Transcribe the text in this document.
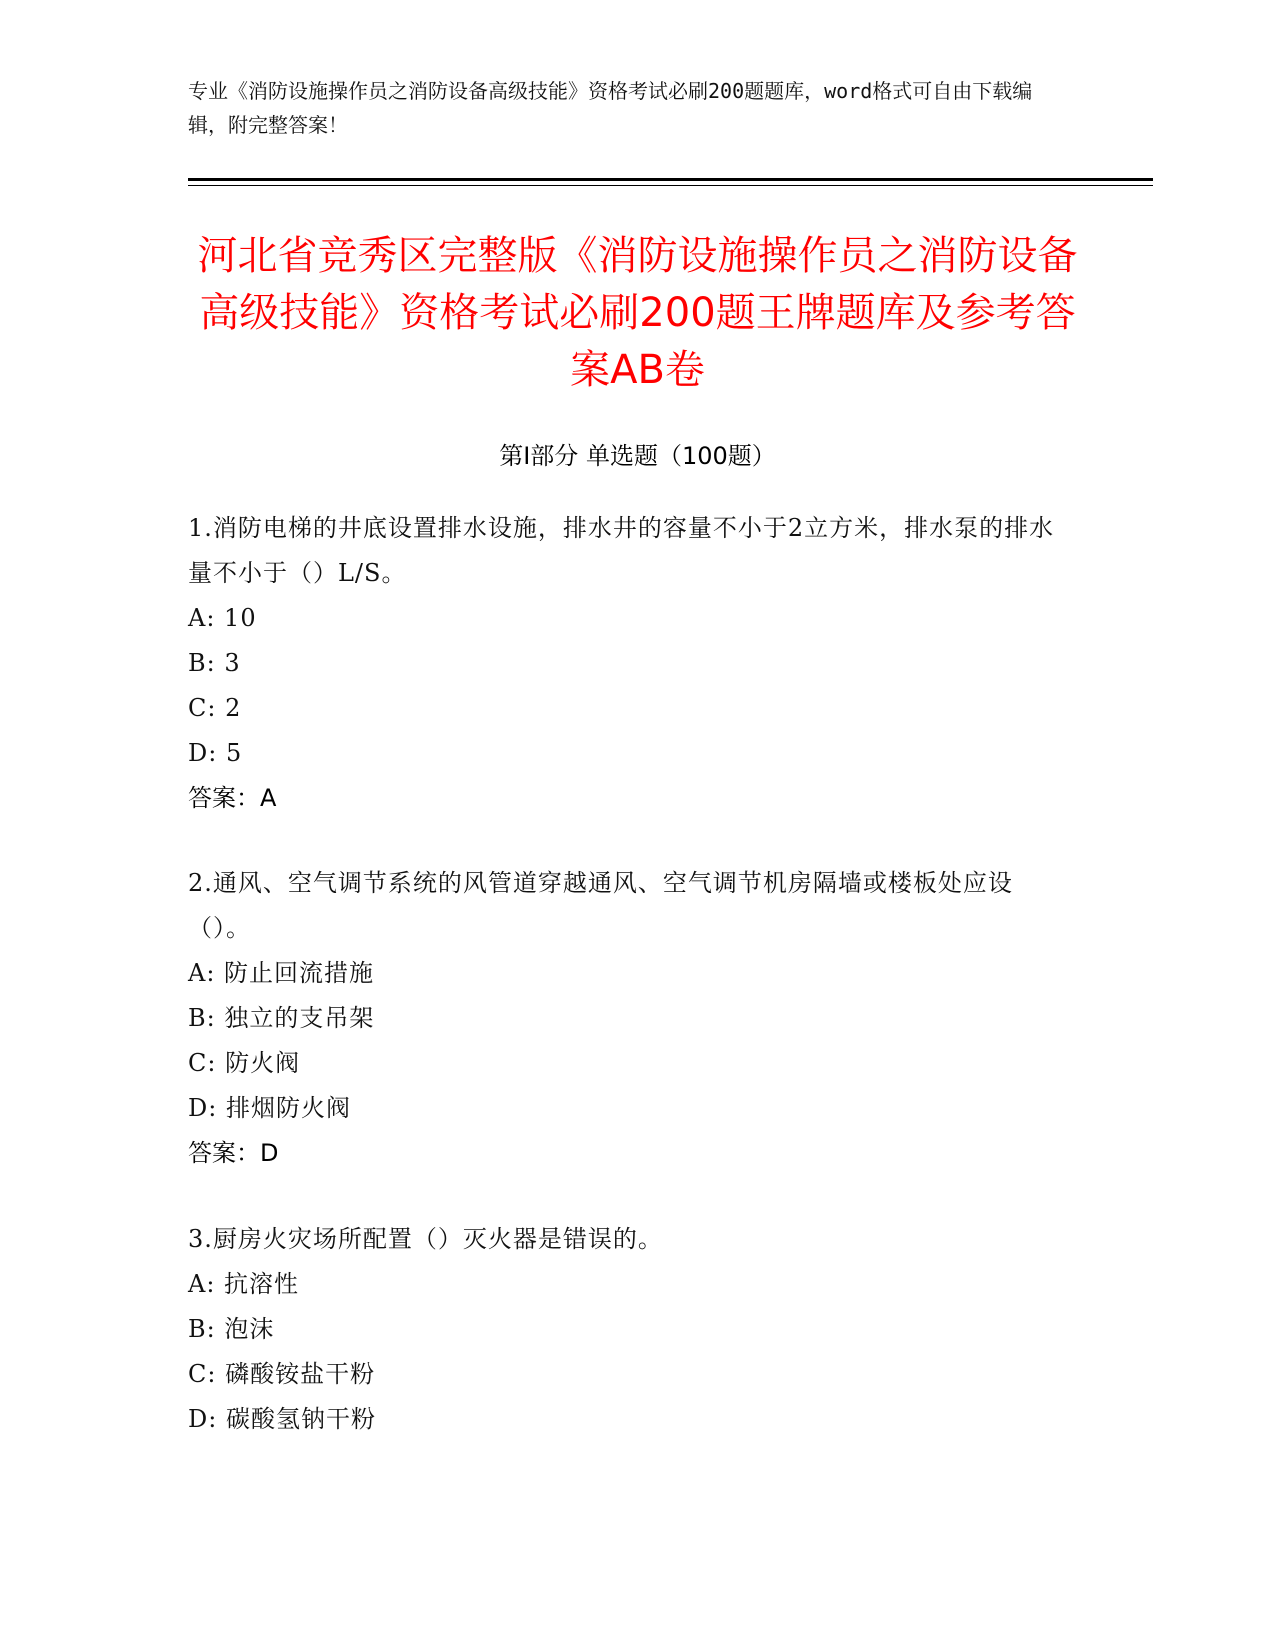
专业《消防设施操作员之消防设备高级技能》资格考试必刷200题题库，word格式可自由下载编辑，附完整答案！
河北省竞秀区完整版《消防设施操作员之消防设备高级技能》资格考试必刷200题王牌题库及参考答案AB卷
第Ⅰ部分 单选题（100题）
1.消防电梯的井底设置排水设施，排水井的容量不小于2立方米，排水泵的排水量不小于（）L/S。
A: 10
B: 3
C: 2
D: 5
答案：A
2.通风、空气调节系统的风管道穿越通风、空气调节机房隔墙或楼板处应设（）。
A: 防止回流措施
B: 独立的支吊架
C: 防火阀
D: 排烟防火阀
答案：D
3.厨房火灾场所配置（）灭火器是错误的。
A: 抗溶性
B: 泡沫
C: 磷酸铵盐干粉
D: 碳酸氢钠干粉
